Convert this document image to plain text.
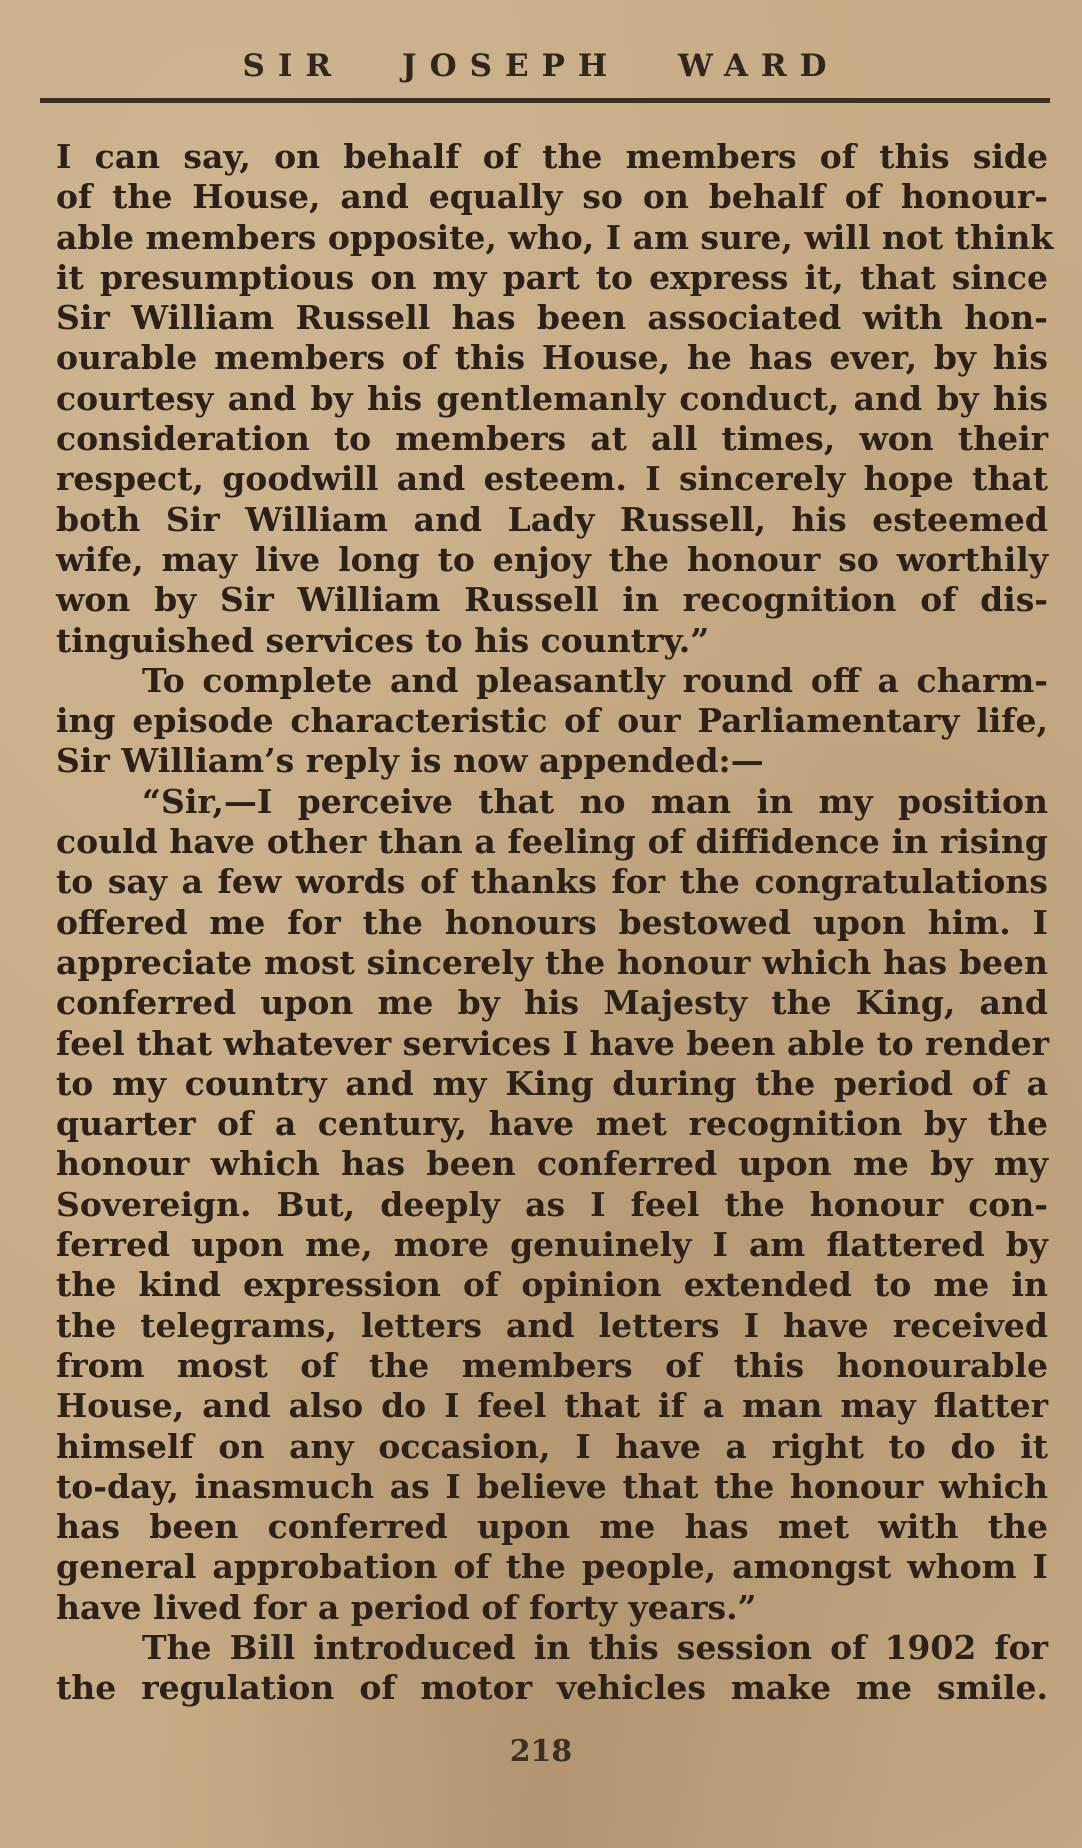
SIR JOSEPH WARD
I can say, on behalf of the members of this side
of the House, and equally so on behalf of honour-
able members opposite, who, I am sure, will not think
it presumptious on my part to express it, that since
Sir William Russell has been associated with hon-
ourable members of this House, he has ever, by his
courtesy and by his gentlemanly conduct, and by his
consideration to members at all times, won their
respect, goodwill and esteem. I sincerely hope that
both Sir William and Lady Russell, his esteemed
wife, may live long to enjoy the honour so worthily
won by Sir William Russell in recognition of dis-
tinguished services to his country.”
To complete and pleasantly round off a charm-
ing episode characteristic of our Parliamentary life,
Sir William’s reply is now appended:—
“Sir,—I perceive that no man in my position
could have other than a feeling of diffidence in rising
to say a few words of thanks for the congratulations
offered me for the honours bestowed upon him. I
appreciate most sincerely the honour which has been
conferred upon me by his Majesty the King, and
feel that whatever services I have been able to render
to my country and my King during the period of a
quarter of a century, have met recognition by the
honour which has been conferred upon me by my
Sovereign. But, deeply as I feel the honour con-
ferred upon me, more genuinely I am flattered by
the kind expression of opinion extended to me in
the telegrams, letters and letters I have received
from most of the members of this honourable
House, and also do I feel that if a man may flatter
himself on any occasion, I have a right to do it
to-day, inasmuch as I believe that the honour which
has been conferred upon me has met with the
general approbation of the people, amongst whom I
have lived for a period of forty years.”
The Bill introduced in this session of 1902 for
the regulation of motor vehicles make me smile.
218
